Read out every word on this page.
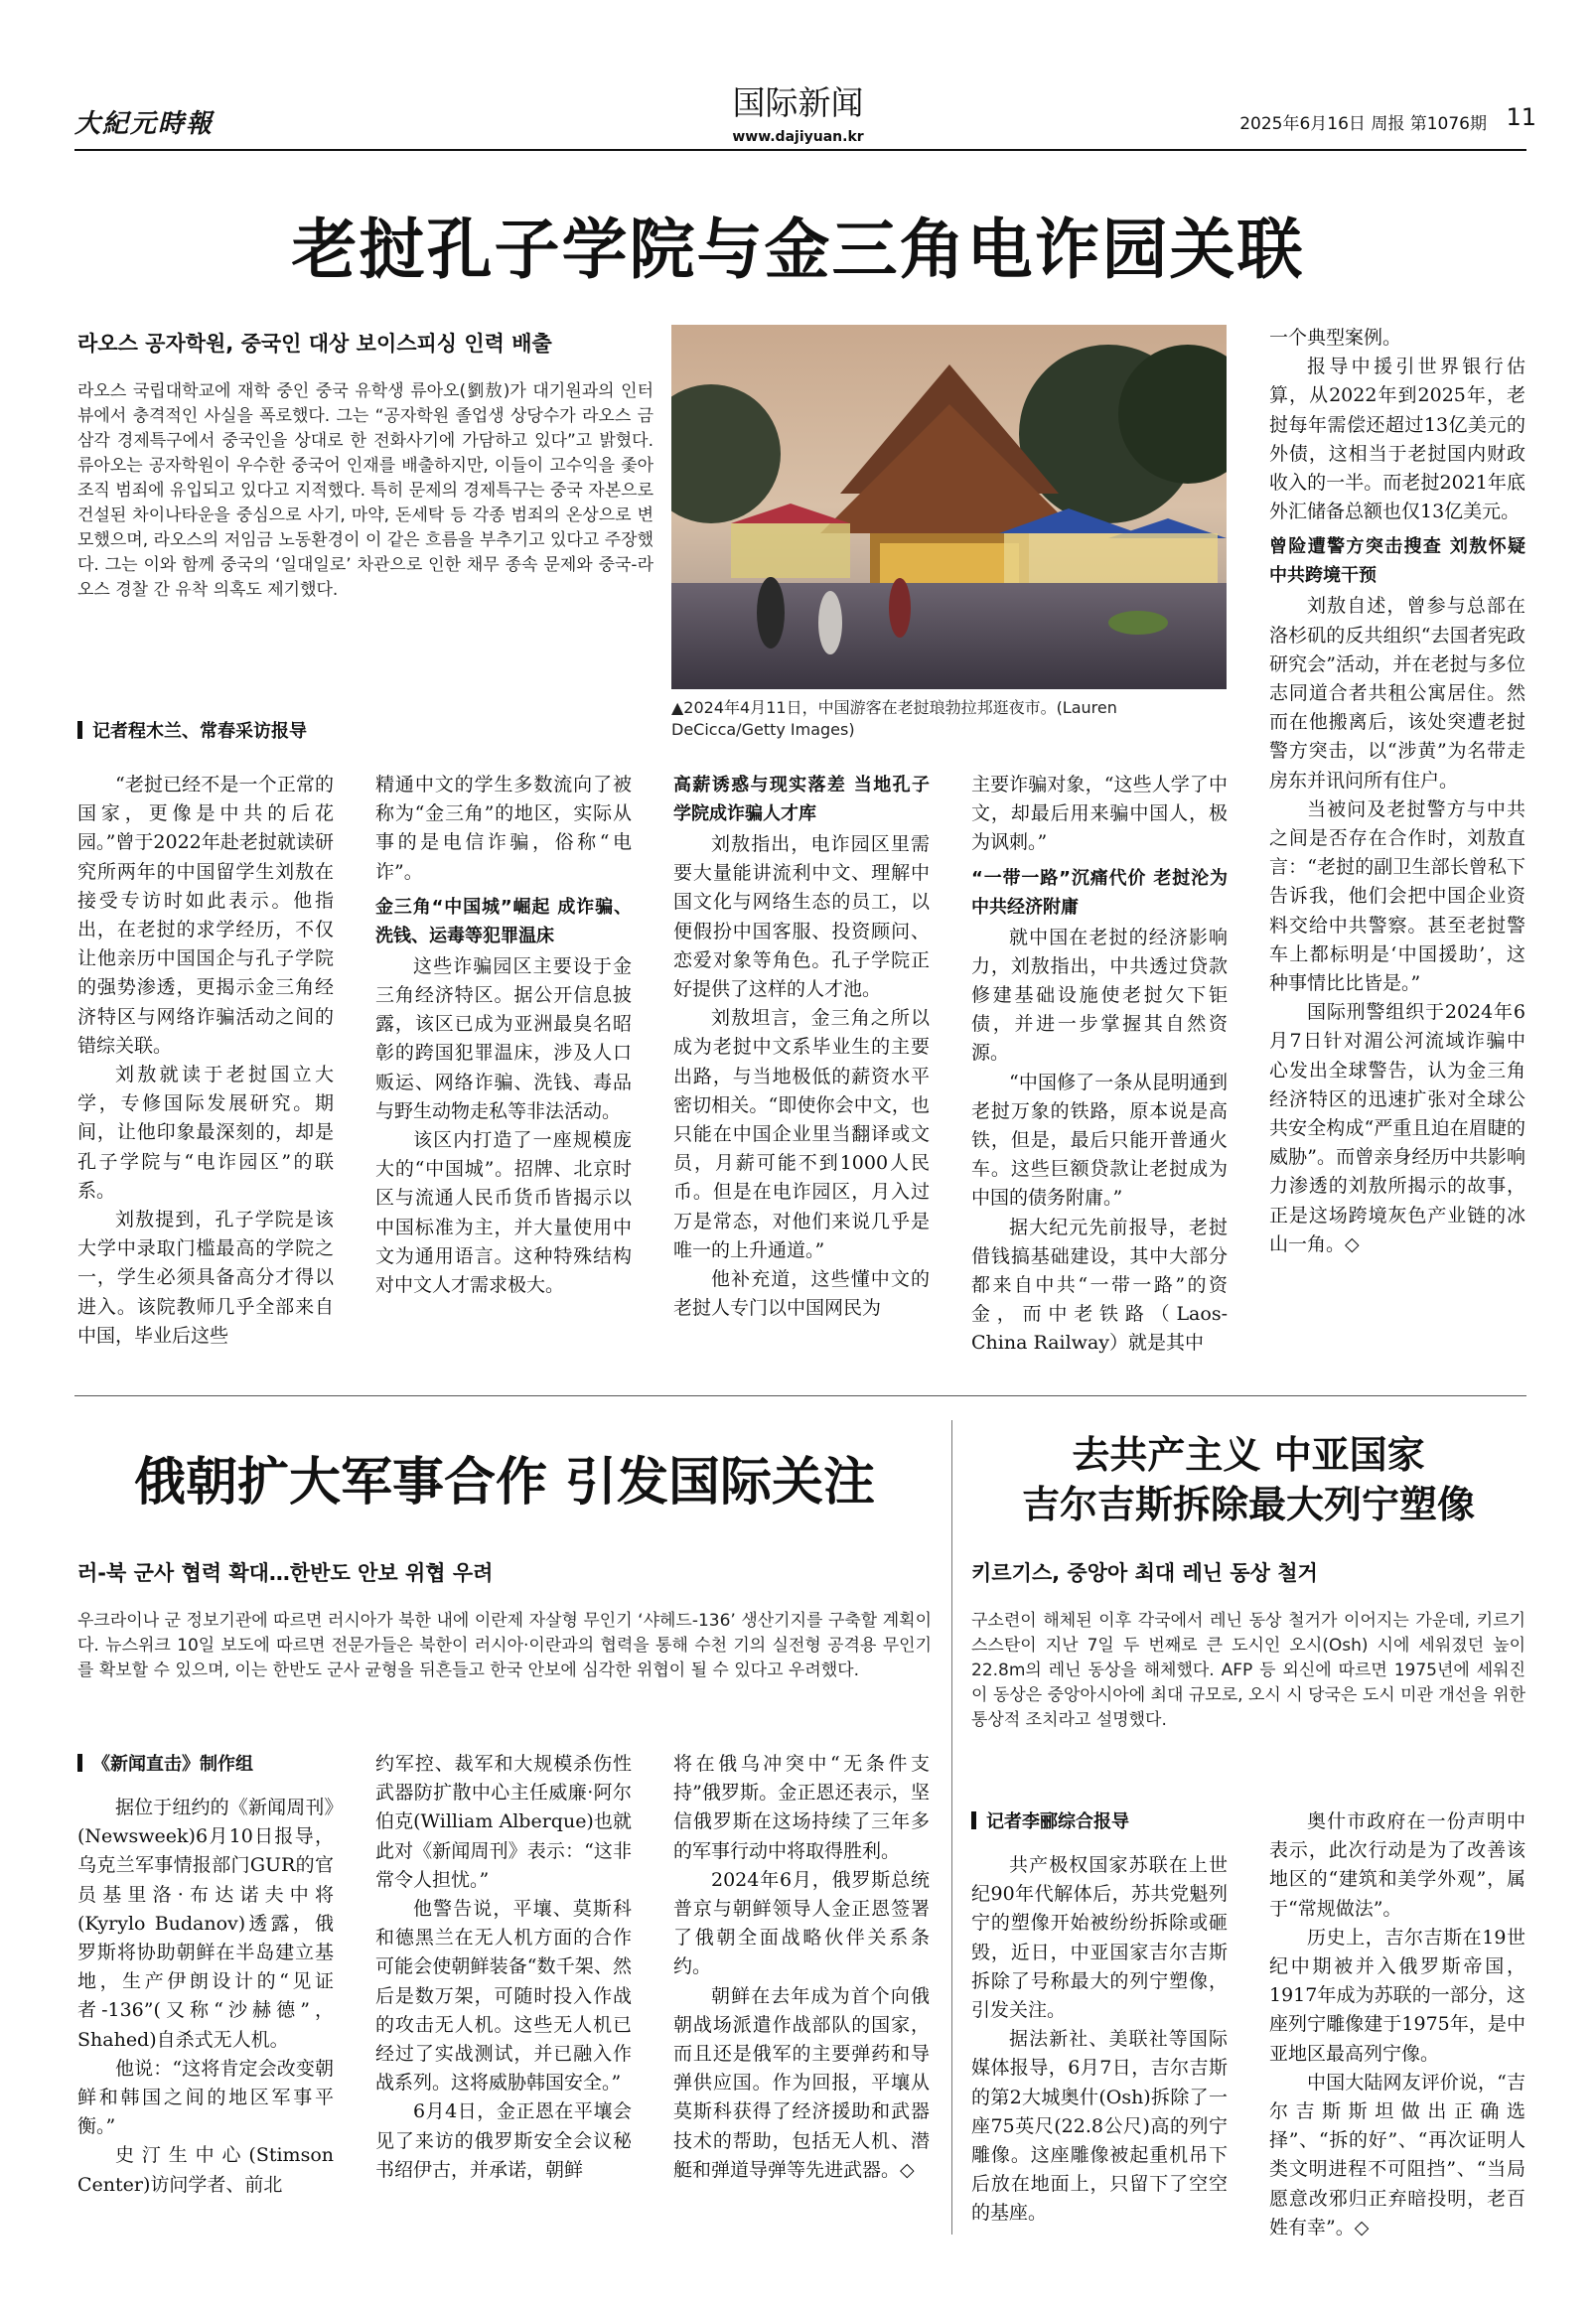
大紀元時報
国际新闻
www.dajiyuan.kr
2025年6月16日 周报 第1076期 11
老挝孔子学院与金三角电诈园关联
라오스 공자학원, 중국인 대상 보이스피싱 인력 배출
라오스 국립대학교에 재학 중인 중국 유학생 류아오(劉敖)가 대기원과의 인터뷰에서 충격적인 사실을 폭로했다. 그는 “공자학원 졸업생 상당수가 라오스 금삼각 경제특구에서 중국인을 상대로 한 전화사기에 가담하고 있다”고 밝혔다. 류아오는 공자학원이 우수한 중국어 인재를 배출하지만, 이들이 고수익을 좇아 조직 범죄에 유입되고 있다고 지적했다. 특히 문제의 경제특구는 중국 자본으로 건설된 차이나타운을 중심으로 사기, 마약, 돈세탁 등 각종 범죄의 온상으로 변모했으며, 라오스의 저임금 노동환경이 이 같은 흐름을 부추기고 있다고 주장했다. 그는 이와 함께 중국의 ‘일대일로’ 차관으로 인한 채무 종속 문제와 중국-라오스 경찰 간 유착 의혹도 제기했다.
▲2024年4月11日，中国游客在老挝琅勃拉邦逛夜市。(Lauren DeCicca/Getty Images)
记者程木兰、常春采访报导

“老挝已经不是一个正常的国家，更像是中共的后花园。”曾于2022年赴老挝就读研究所两年的中国留学生刘敖在接受专访时如此表示。他指出，在老挝的求学经历，不仅让他亲历中国国企与孔子学院的强势渗透，更揭示金三角经济特区与网络诈骗活动之间的错综关联。

刘敖就读于老挝国立大学，专修国际发展研究。期间，让他印象最深刻的，却是孔子学院与“电诈园区”的联系。

刘敖提到，孔子学院是该大学中录取门槛最高的学院之一，学生必须具备高分才得以进入。该院教师几乎全部来自中国，毕业后这些

精通中文的学生多数流向了被称为“金三角”的地区，实际从事的是电信诈骗，俗称“电诈”。

金三角“中国城”崛起 成诈骗、洗钱、运毒等犯罪温床

这些诈骗园区主要设于金三角经济特区。据公开信息披露，该区已成为亚洲最臭名昭彰的跨国犯罪温床，涉及人口贩运、网络诈骗、洗钱、毒品与野生动物走私等非法活动。

该区内打造了一座规模庞大的“中国城”。招牌、北京时区与流通人民币货币皆揭示以中国标准为主，并大量使用中文为通用语言。这种特殊结构对中文人才需求极大。

高薪诱惑与现实落差 当地孔子学院成诈骗人才库

刘敖指出，电诈园区里需要大量能讲流利中文、理解中国文化与网络生态的员工，以便假扮中国客服、投资顾问、恋爱对象等角色。孔子学院正好提供了这样的人才池。

刘敖坦言，金三角之所以成为老挝中文系毕业生的主要出路，与当地极低的薪资水平密切相关。“即使你会中文，也只能在中国企业里当翻译或文员，月薪可能不到1000人民币。但是在电诈园区，月入过万是常态，对他们来说几乎是唯一的上升通道。”

他补充道，这些懂中文的老挝人专门以中国网民为

主要诈骗对象，“这些人学了中文，却最后用来骗中国人，极为讽刺。”

“一带一路”沉痛代价 老挝沦为中共经济附庸

就中国在老挝的经济影响力，刘敖指出，中共透过贷款修建基础设施使老挝欠下钜债，并进一步掌握其自然资源。

“中国修了一条从昆明通到老挝万象的铁路，原本说是高铁，但是，最后只能开普通火车。这些巨额贷款让老挝成为中国的债务附庸。”

据大纪元先前报导，老挝借钱搞基础建设，其中大部分都来自中共“一带一路”的资金，而中老铁路（Laos-China Railway）就是其中

一个典型案例。

报导中援引世界银行估算，从2022年到2025年，老挝每年需偿还超过13亿美元的外债，这相当于老挝国内财政收入的一半。而老挝2021年底外汇储备总额也仅13亿美元。

曾险遭警方突击搜查 刘敖怀疑中共跨境干预

刘敖自述，曾参与总部在洛杉矶的反共组织“去国者宪政研究会”活动，并在老挝与多位志同道合者共租公寓居住。然而在他搬离后，该处突遭老挝警方突击，以“涉黄”为名带走房东并讯问所有住户。

当被问及老挝警方与中共之间是否存在合作时，刘敖直言：“老挝的副卫生部长曾私下告诉我，他们会把中国企业资料交给中共警察。甚至老挝警车上都标明是‘中国援助’，这种事情比比皆是。”

国际刑警组织于2024年6月7日针对湄公河流域诈骗中心发出全球警告，认为金三角经济特区的迅速扩张对全球公共安全构成“严重且迫在眉睫的威胁”。而曾亲身经历中共影响力渗透的刘敖所揭示的故事，正是这场跨境灰色产业链的冰山一角。◇

俄朝扩大军事合作 引发国际关注
러-북 군사 협력 확대…한반도 안보 위협 우려
우크라이나 군 정보기관에 따르면 러시아가 북한 내에 이란제 자살형 무인기 ‘샤헤드-136’ 생산기지를 구축할 계획이다. 뉴스위크 10일 보도에 따르면 전문가들은 북한이 러시아·이란과의 협력을 통해 수천 기의 실전형 공격용 무인기를 확보할 수 있으며, 이는 한반도 군사 균형을 뒤흔들고 한국 안보에 심각한 위협이 될 수 있다고 우려했다.
《新闻直击》制作组

据位于纽约的《新闻周刊》(Newsweek)6月10日报导，乌克兰军事情报部门GUR的官员基里洛·布达诺夫中将(Kyrylo Budanov)透露，俄罗斯将协助朝鲜在半岛建立基地，生产伊朗设计的“见证者-136”(又称“沙赫德”，Shahed)自杀式无人机。

他说：“这将肯定会改变朝鲜和韩国之间的地区军事平衡。”

史汀生中心(Stimson Center)访问学者、前北

约军控、裁军和大规模杀伤性武器防扩散中心主任威廉·阿尔伯克(William Alberque)也就此对《新闻周刊》表示：“这非常令人担忧。”

他警告说，平壤、莫斯科和德黑兰在无人机方面的合作可能会使朝鲜装备“数千架、然后是数万架，可随时投入作战的攻击无人机。这些无人机已经过了实战测试，并已融入作战系列。这将威胁韩国安全。”

6月4日，金正恩在平壤会见了来访的俄罗斯安全会议秘书绍伊古，并承诺，朝鲜

将在俄乌冲突中“无条件支持”俄罗斯。金正恩还表示，坚信俄罗斯在这场持续了三年多的军事行动中将取得胜利。

2024年6月，俄罗斯总统普京与朝鲜领导人金正恩签署了俄朝全面战略伙伴关系条约。

朝鲜在去年成为首个向俄朝战场派遣作战部队的国家，而且还是俄军的主要弹药和导弹供应国。作为回报，平壤从莫斯科获得了经济援助和武器技术的帮助，包括无人机、潜艇和弹道导弹等先进武器。◇

去共产主义 中亚国家
吉尔吉斯拆除最大列宁塑像
키르기스, 중앙아 최대 레닌 동상 철거
구소련이 해체된 이후 각국에서 레닌 동상 철거가 이어지는 가운데, 키르기스스탄이 지난 7일 두 번째로 큰 도시인 오시(Osh) 시에 세워졌던 높이 22.8m의 레닌 동상을 해체했다. AFP 등 외신에 따르면 1975년에 세워진 이 동상은 중앙아시아에 최대 규모로, 오시 시 당국은 도시 미관 개선을 위한 통상적 조치라고 설명했다.
记者李郦综合报导

共产极权国家苏联在上世纪90年代解体后，苏共党魁列宁的塑像开始被纷纷拆除或砸毁，近日，中亚国家吉尔吉斯拆除了号称最大的列宁塑像，引发关注。

据法新社、美联社等国际媒体报导，6月7日，吉尔吉斯的第2大城奥什(Osh)拆除了一座75英尺(22.8公尺)高的列宁雕像。这座雕像被起重机吊下后放在地面上，只留下了空空的基座。

奥什市政府在一份声明中表示，此次行动是为了改善该地区的“建筑和美学外观”，属于“常规做法”。

历史上，吉尔吉斯在19世纪中期被并入俄罗斯帝国，1917年成为苏联的一部分，这座列宁雕像建于1975年，是中亚地区最高列宁像。

中国大陆网友评价说，“吉尔吉斯斯坦做出正确选择”、“拆的好”、“再次证明人类文明进程不可阻挡”、“当局愿意改邪归正弃暗投明，老百姓有幸”。◇
